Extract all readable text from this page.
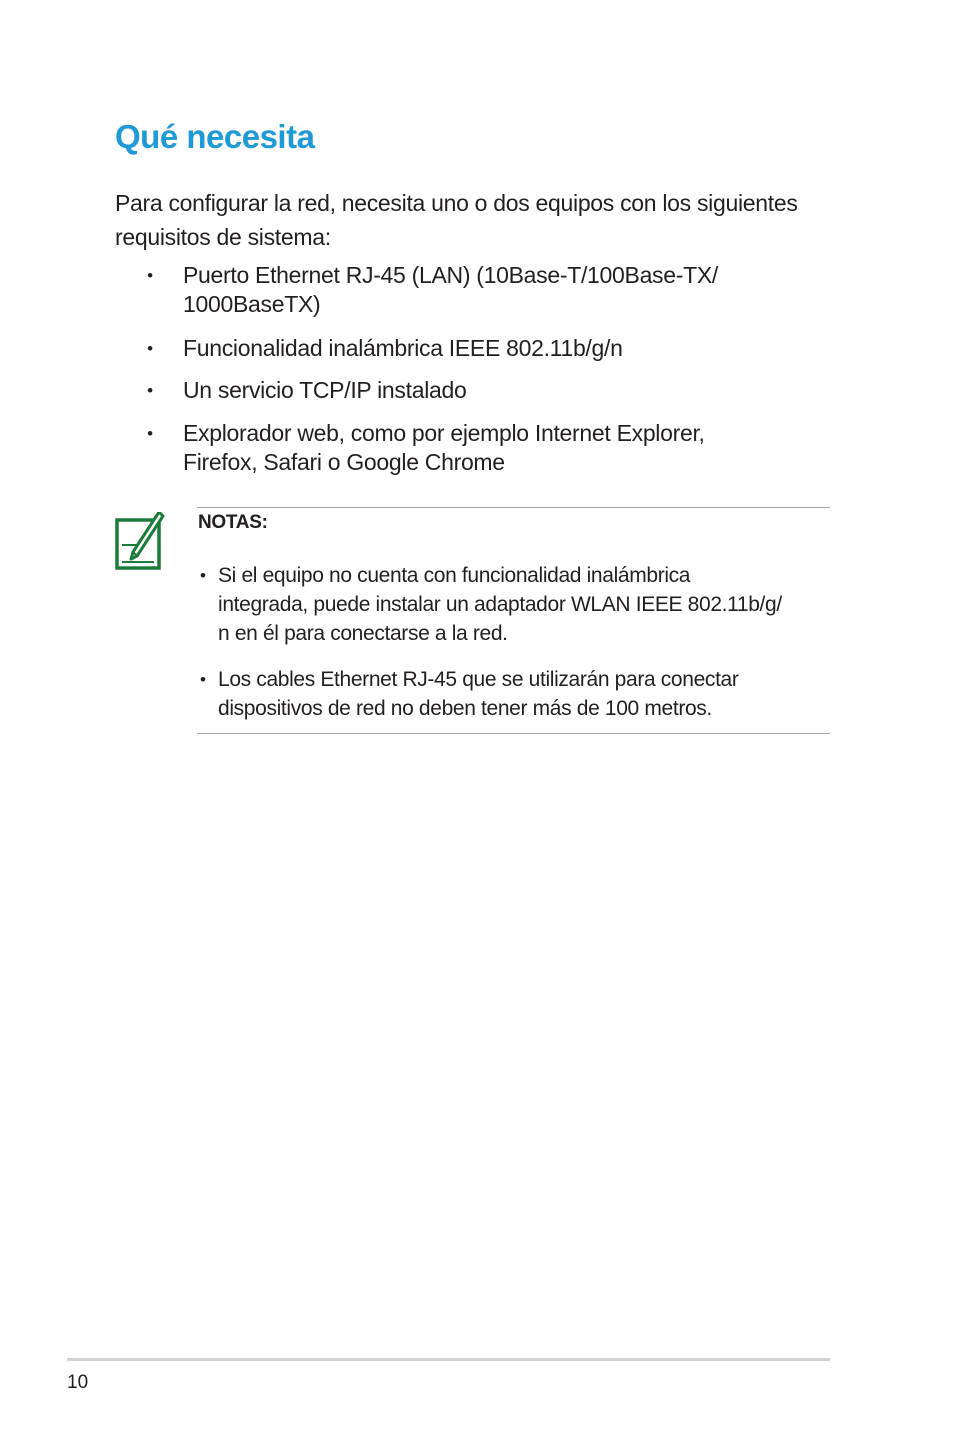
Qué necesita

Para configurar la red, necesita uno o dos equipos con los siguientes requisitos de sistema:

• Puerto Ethernet RJ-45 (LAN) (10Base-T/100Base-TX/
1000BaseTX)
• Funcionalidad inalámbrica IEEE 802.11b/g/n
• Un servicio TCP/IP instalado
• Explorador web, como por ejemplo Internet Explorer,
Firefox, Safari o Google Chrome
NOTAS:
• Si el equipo no cuenta con funcionalidad inalámbrica
integrada, puede instalar un adaptador WLAN IEEE 802.11b/g/
n en él para conectarse a la red.
• Los cables Ethernet RJ-45 que se utilizarán para conectar
dispositivos de red no deben tener más de 100 metros.
10
